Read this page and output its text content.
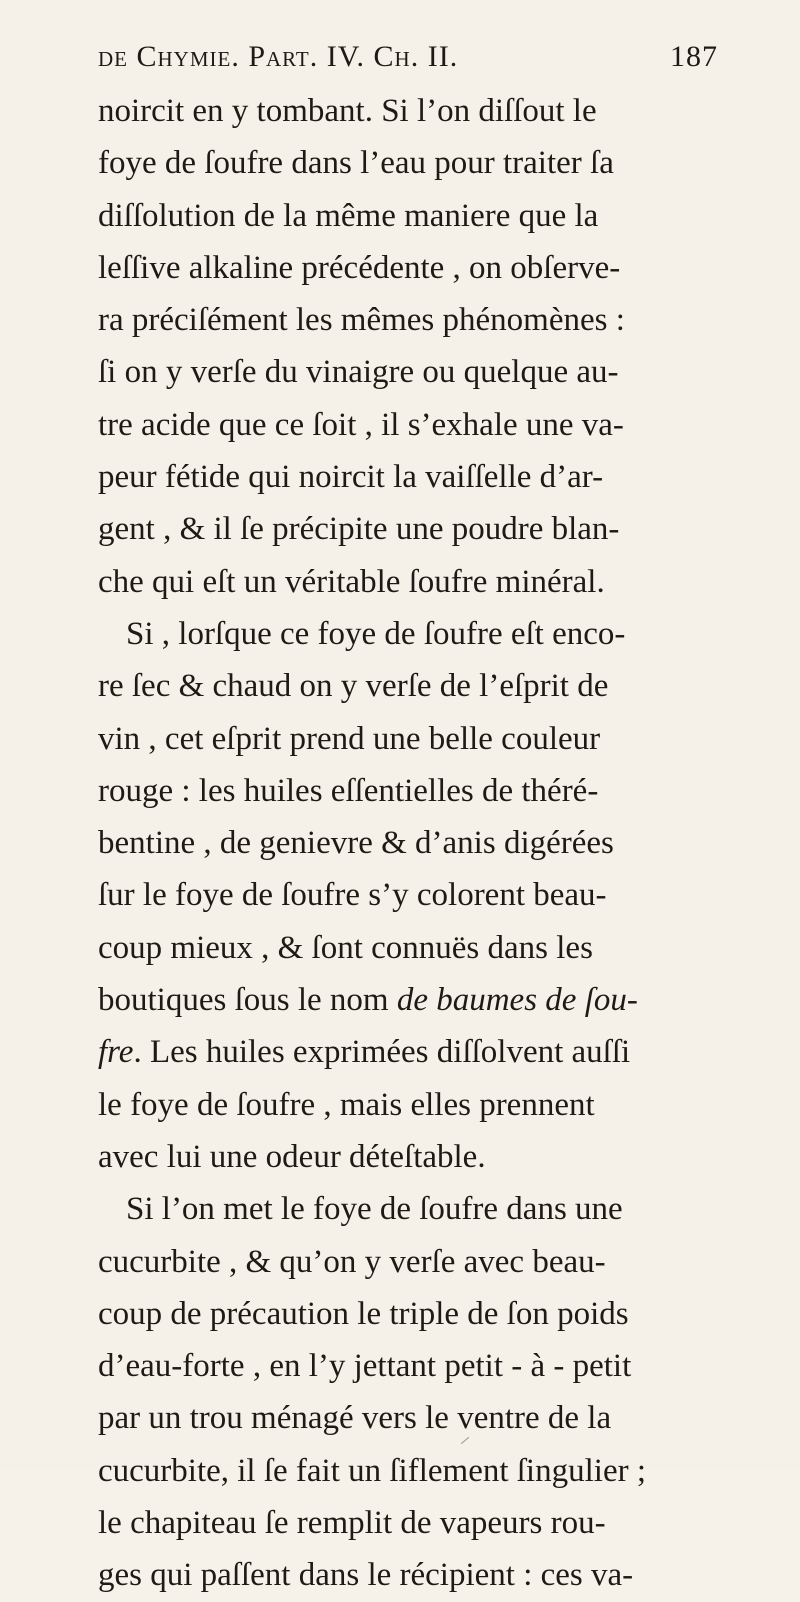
de Chymie. Part. IV. Ch. II.	187
noircit en y tombant. Si l’on diſſout le
foye de ſoufre dans l’eau pour traiter ſa
diſſolution de la même maniere que la
leſſive alkaline précédente , on obſerve-
ra préciſément les mêmes phénomènes :
ſi on y verſe du vinaigre ou quelque au-
tre acide que ce ſoit , il s’exhale une va-
peur fétide qui noircit la vaiſſelle d’ar-
gent , & il ſe précipite une poudre blan-
che qui eſt un véritable ſoufre minéral.
Si , lorſque ce foye de ſoufre eſt enco-
re ſec & chaud on y verſe de l’eſprit de
vin , cet eſprit prend une belle couleur
rouge : les huiles eſſentielles de théré-
bentine , de genievre & d’anis digérées
ſur le foye de ſoufre s’y colorent beau-
coup mieux , & ſont connuës dans les
boutiques ſous le nom de baumes de ſou-
fre. Les huiles exprimées diſſolvent auſſi
le foye de ſoufre , mais elles prennent
avec lui une odeur déteſtable.
Si l’on met le foye de ſoufre dans une
cucurbite , & qu’on y verſe avec beau-
coup de précaution le triple de ſon poids
d’eau-forte , en l’y jettant petit - à - petit
par un trou ménagé vers le ventre de la
cucurbite, il ſe fait un ſiflement ſingulier ;
le chapiteau ſe remplit de vapeurs rou-
ges qui paſſent dans le récipient : ces va-
